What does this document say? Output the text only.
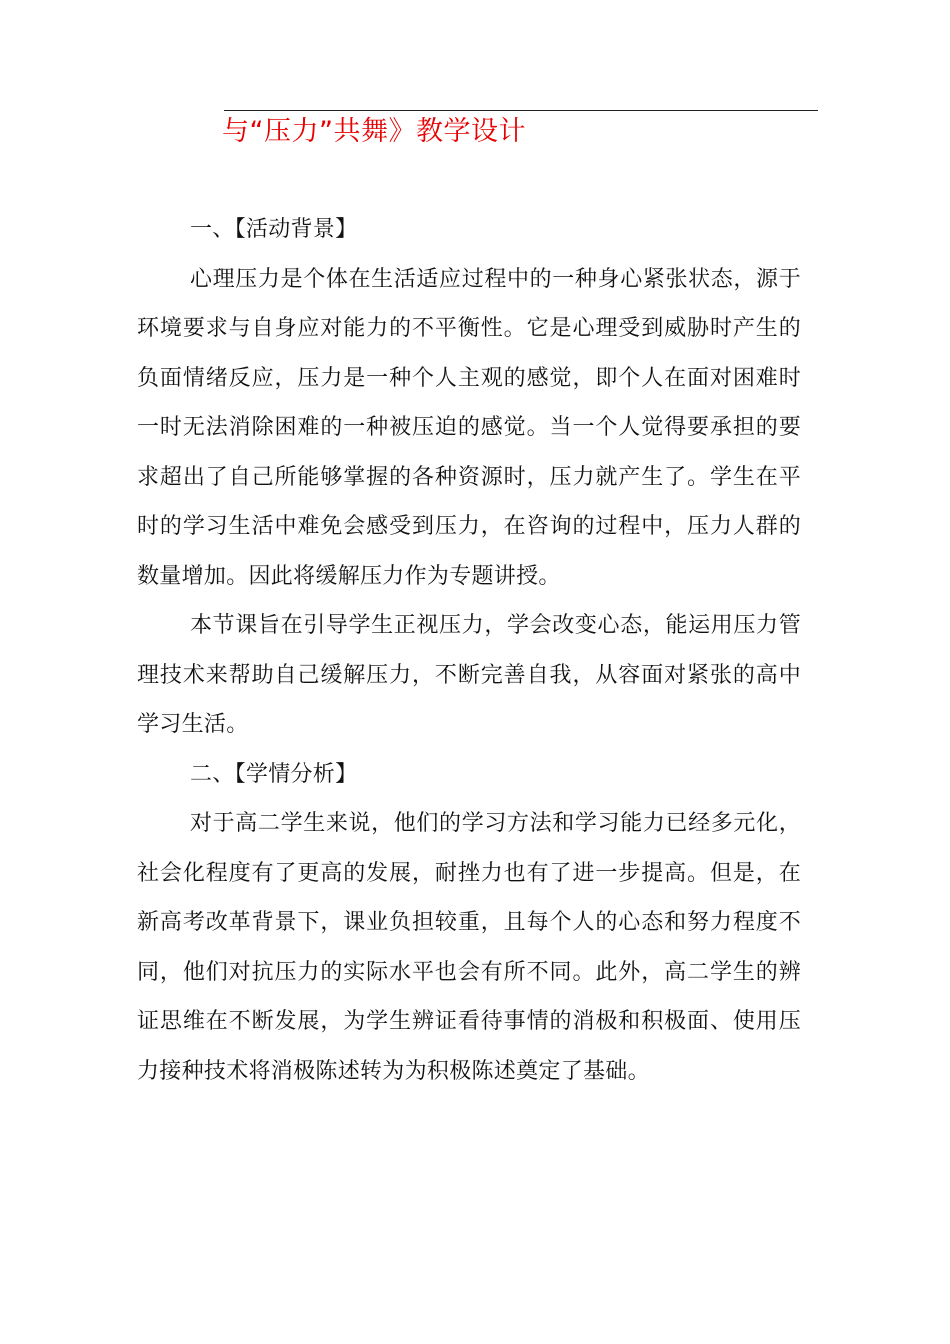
与“压力”共舞》教学设计

一、【活动背景】

心理压力是个体在生活适应过程中的一种身心紧张状态，源于环境要求与自身应对能力的不平衡性。它是心理受到威胁时产生的负面情绪反应，压力是一种个人主观的感觉，即个人在面对困难时一时无法消除困难的一种被压迫的感觉。当一个人觉得要承担的要求超出了自己所能够掌握的各种资源时，压力就产生了。学生在平时的学习生活中难免会感受到压力，在咨询的过程中，压力人群的数量增加。因此将缓解压力作为专题讲授。

本节课旨在引导学生正视压力，学会改变心态，能运用压力管理技术来帮助自己缓解压力，不断完善自我，从容面对紧张的高中学习生活。

二、【学情分析】

对于高二学生来说，他们的学习方法和学习能力已经多元化，社会化程度有了更高的发展，耐挫力也有了进一步提高。但是，在新高考改革背景下，课业负担较重，且每个人的心态和努力程度不同，他们对抗压力的实际水平也会有所不同。此外，高二学生的辨证思维在不断发展，为学生辨证看待事情的消极和积极面、使用压力接种技术将消极陈述转为为积极陈述奠定了基础。
